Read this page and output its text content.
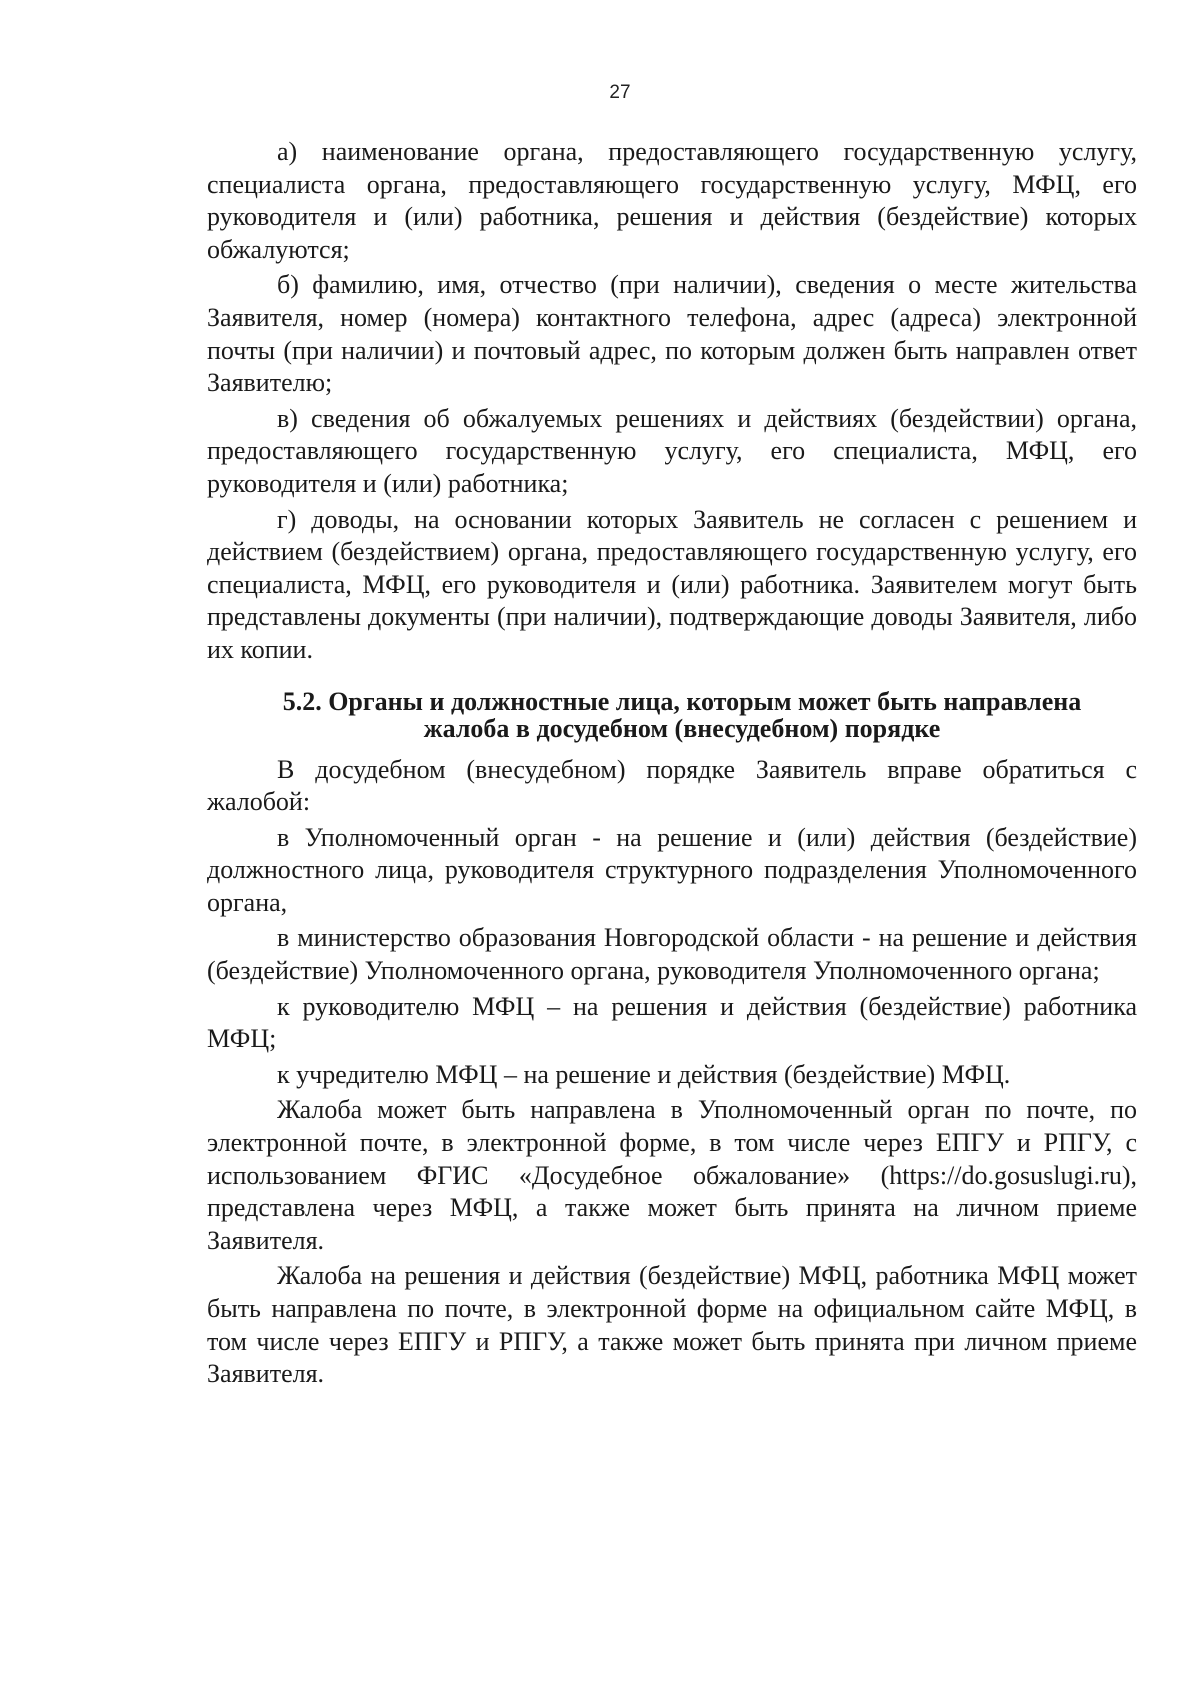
27

а) наименование органа, предоставляющего государственную услугу, специалиста органа, предоставляющего государственную услугу, МФЦ, его руководителя и (или) работника, решения и действия (бездействие) которых обжалуются;

б) фамилию, имя, отчество (при наличии), сведения о месте жительства Заявителя, номер (номера) контактного телефона, адрес (адреса) электронной почты (при наличии) и почтовый адрес, по которым должен быть направлен ответ Заявителю;

в) сведения об обжалуемых решениях и действиях (бездействии) органа, предоставляющего государственную услугу, его специалиста, МФЦ, его руководителя и (или) работника;

г) доводы, на основании которых Заявитель не согласен с решением и действием (бездействием) органа, предоставляющего государственную услугу, его специалиста, МФЦ, его руководителя и (или) работника. Заявителем могут быть представлены документы (при наличии), подтверждающие доводы Заявителя, либо их копии.

5.2. Органы и должностные лица, которым может быть направлена
жалоба в досудебном (внесудебном) порядке

В досудебном (внесудебном) порядке Заявитель вправе обратиться с жалобой:

в Уполномоченный орган - на решение и (или) действия (бездействие) должностного лица, руководителя структурного подразделения Уполномоченного органа,

в министерство образования Новгородской области - на решение и действия (бездействие) Уполномоченного органа, руководителя Уполномоченного органа;

к руководителю МФЦ – на решения и действия (бездействие) работника МФЦ;

к учредителю МФЦ – на решение и действия (бездействие) МФЦ.

Жалоба может быть направлена в Уполномоченный орган по почте, по электронной почте, в электронной форме, в том числе через ЕПГУ и РПГУ, с использованием ФГИС «Досудебное обжалование» (https://do.gosuslugi.ru), представлена через МФЦ, а также может быть принята на личном приеме Заявителя.

Жалоба на решения и действия (бездействие) МФЦ, работника МФЦ может быть направлена по почте, в электронной форме на официальном сайте МФЦ, в том числе через ЕПГУ и РПГУ, а также может быть принята при личном приеме Заявителя.
